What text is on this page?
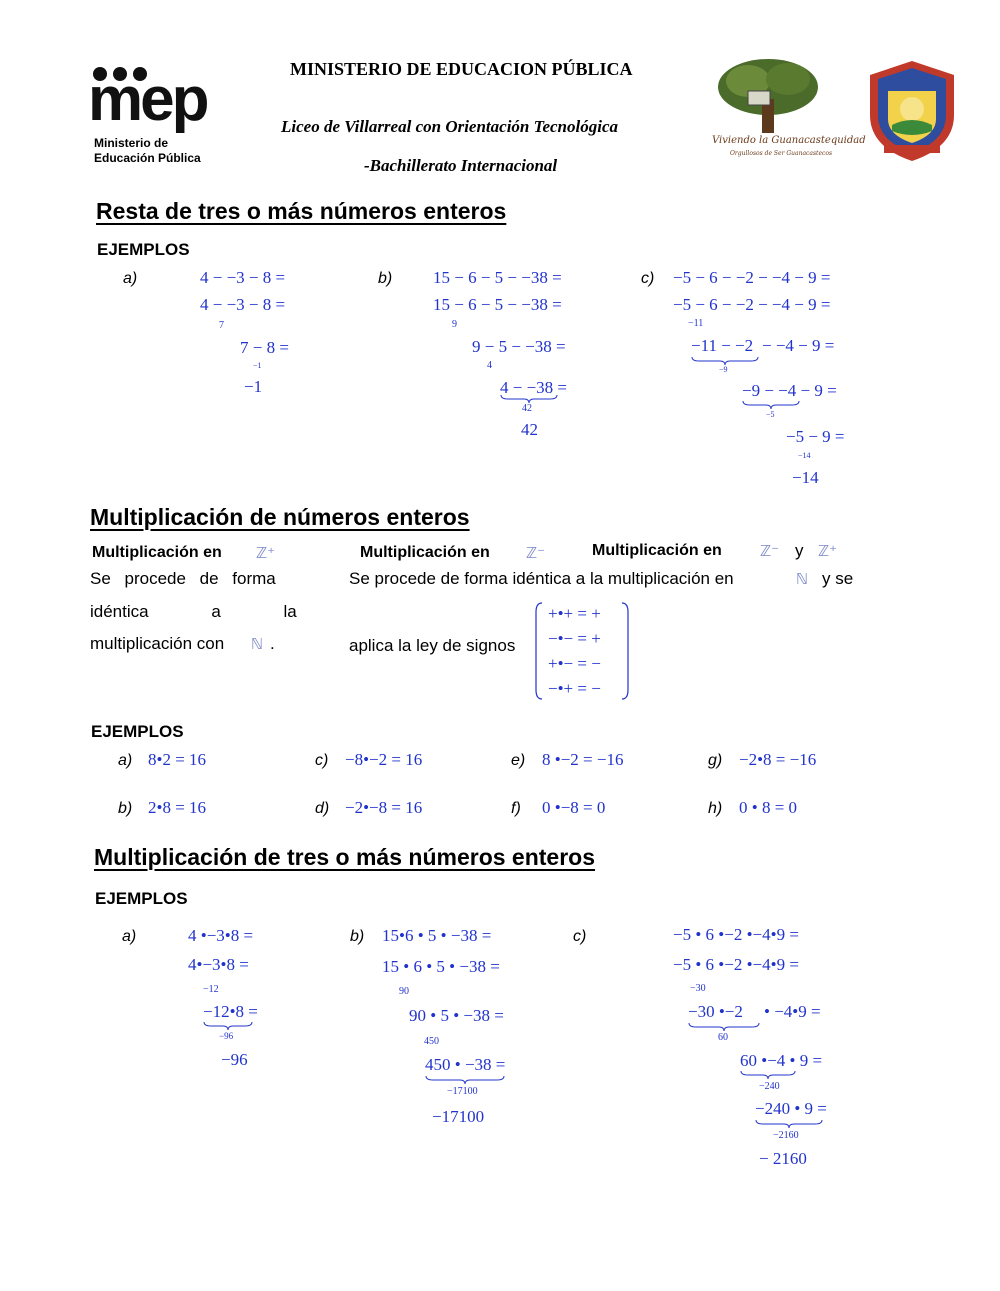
mep
Ministerio de
Educación Pública
MINISTERIO DE EDUCACION PÚBLICA
Liceo de Villarreal con Orientación Tecnológica
-Bachillerato Internacional
Viviendo la Guanacastequidad
Orgullosos de Ser Guanacastecos
LICEO DE VILLARREAL
Resta de tres o más números enteros
EJEMPLOS
a)	4 − −3 − 8 =
4 − −3 − 8 =
7
7 − 8 =
−1
−1
b) 15 − 6 − 5 − −38 =
15 − 6 − 5 − −38 =
9
9 − 5 − −38 =
4
4 − −38 =
42
42
c) −5 − 6 − −2 − −4 − 9 =
−5 − 6 − −2 − −4 − 9 =
−11
−11 − −2 − −4 − 9 =
−9
−9 − −4 − 9 =
−5
−5 − 9 =
−14
−14
Multiplicación de números enteros
Multiplicación en ℤ⁺
Se procede de forma
idéntica a la
multiplicación con ℕ .
Multiplicación en ℤ⁻	Multiplicación en	ℤ⁻ y ℤ⁺
Se procede de forma idéntica a la multiplicación en	ℕ y se
aplica la ley de signos
+•+ = +
−•− = +
+•− = −
−•+ = −
EJEMPLOS
a) 8•2 = 16
b) 2•8 = 16
c) −8•−2 = 16
d) −2•−8 = 16
e) 8 •−2 = −16
f) 0 •−8 = 0
g) −2•8 = −16
h) 0 • 8 = 0
Multiplicación de tres o más números enteros
EJEMPLOS
a)	4 •−3•8 =
4•−3•8 =
−12
−12•8 =
−96
−96
b) 15•6 • 5 • −38 =
15 • 6 • 5 • −38 =
90
90 • 5 • −38 =
450
450 • −38 =
−17100
−17100
c)	−5 • 6 •−2 •−4•9 =
−5 • 6 •−2 •−4•9 =
−30
−30 •−2 • −4•9 =
60
60 •−4 • 9 =
−240
−240 • 9 =
−2160
− 2160
